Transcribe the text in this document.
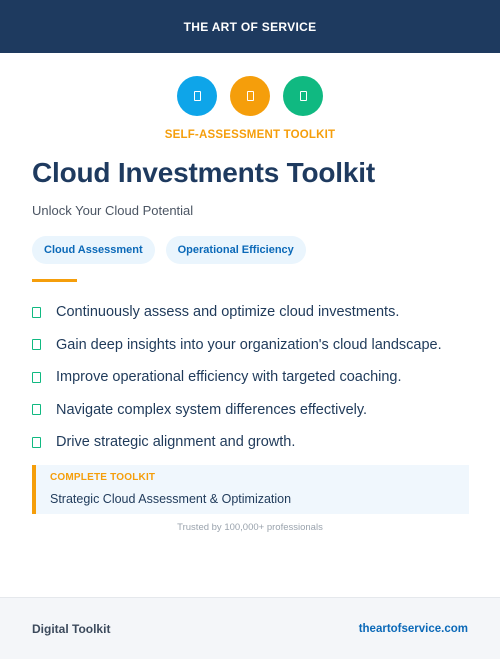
THE ART OF SERVICE
SELF-ASSESSMENT TOOLKIT
Cloud Investments Toolkit
Unlock Your Cloud Potential
Cloud Assessment	Operational Efficiency
Continuously assess and optimize cloud investments.
Gain deep insights into your organization's cloud landscape.
Improve operational efficiency with targeted coaching.
Navigate complex system differences effectively.
Drive strategic alignment and growth.
COMPLETE TOOLKIT
Strategic Cloud Assessment & Optimization
Trusted by 100,000+ professionals
Digital Toolkit	theartofservice.com
